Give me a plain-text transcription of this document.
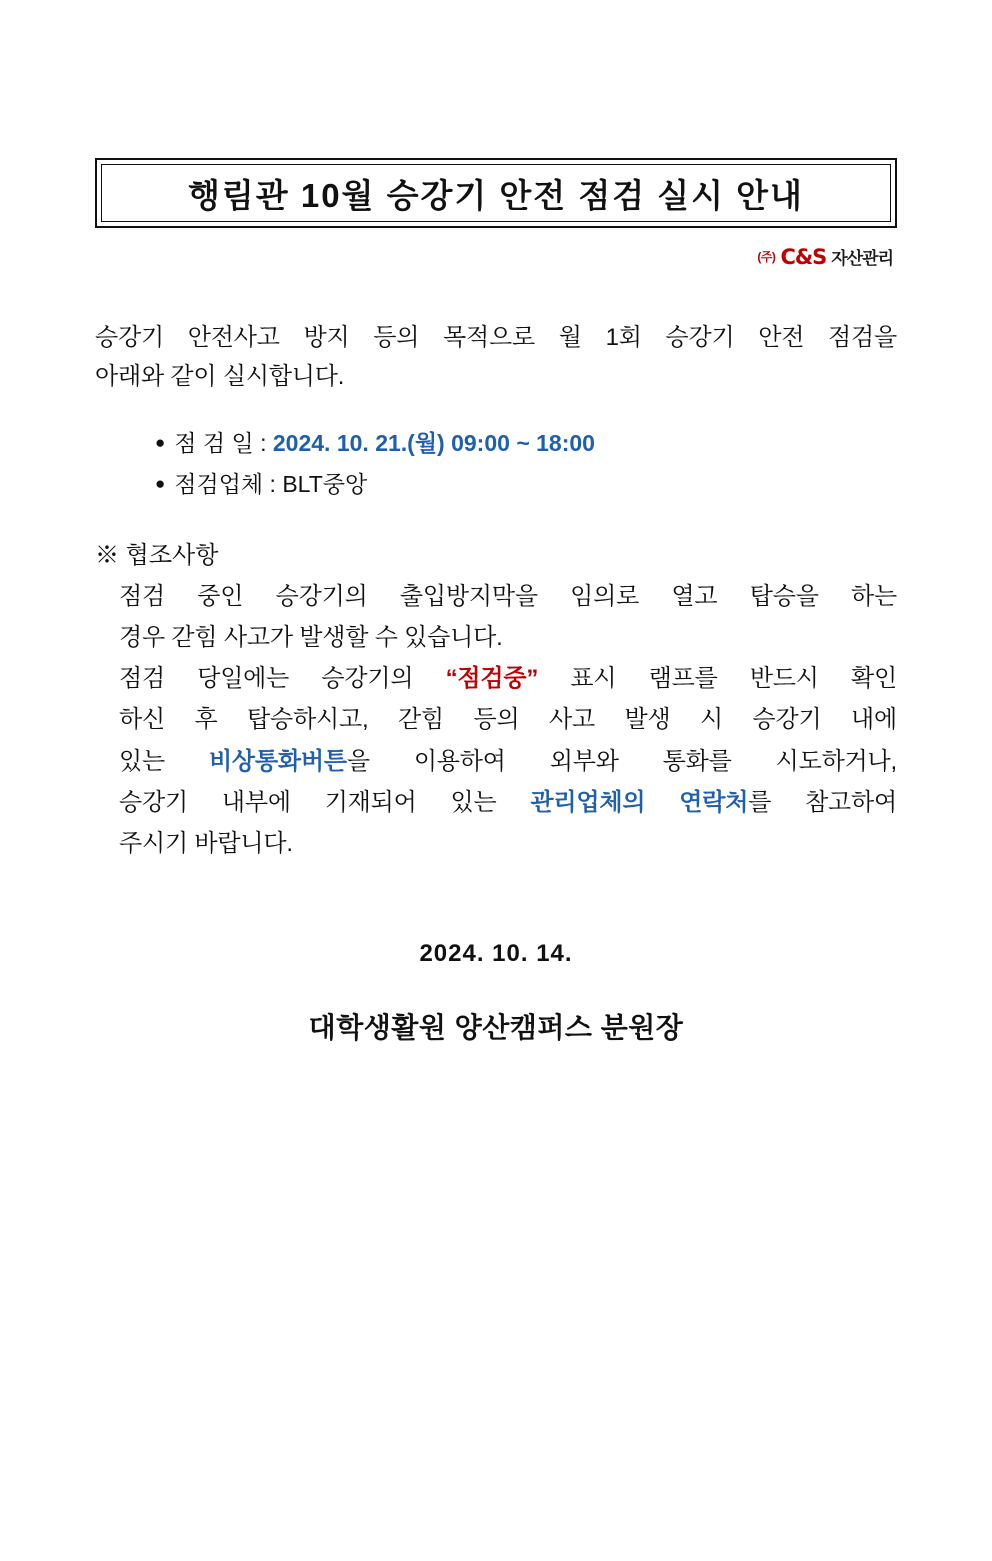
행림관 10월 승강기 안전 점검 실시 안내
(주) C&S 자산관리
승강기 안전사고 방지 등의 목적으로 월 1회 승강기 안전 점검을
아래와 같이 실시합니다.
● 점 검 일 : 2024. 10. 21.(월) 09:00 ~ 18:00
● 점검업체 : BLT중앙
※ 협조사항

점검 중인 승강기의 출입방지막을 임의로 열고 탑승을 하는
경우 갇힘 사고가 발생할 수 있습니다.

점검 당일에는 승강기의 “점검중” 표시 램프를 반드시 확인
하신 후 탑승하시고, 갇힘 등의 사고 발생 시 승강기 내에
있는 비상통화버튼을 이용하여 외부와 통화를 시도하거나,
승강기 내부에 기재되어 있는 관리업체의 연락처를 참고하여
주시기 바랍니다.

2024. 10. 14.
대학생활원 양산캠퍼스 분원장
